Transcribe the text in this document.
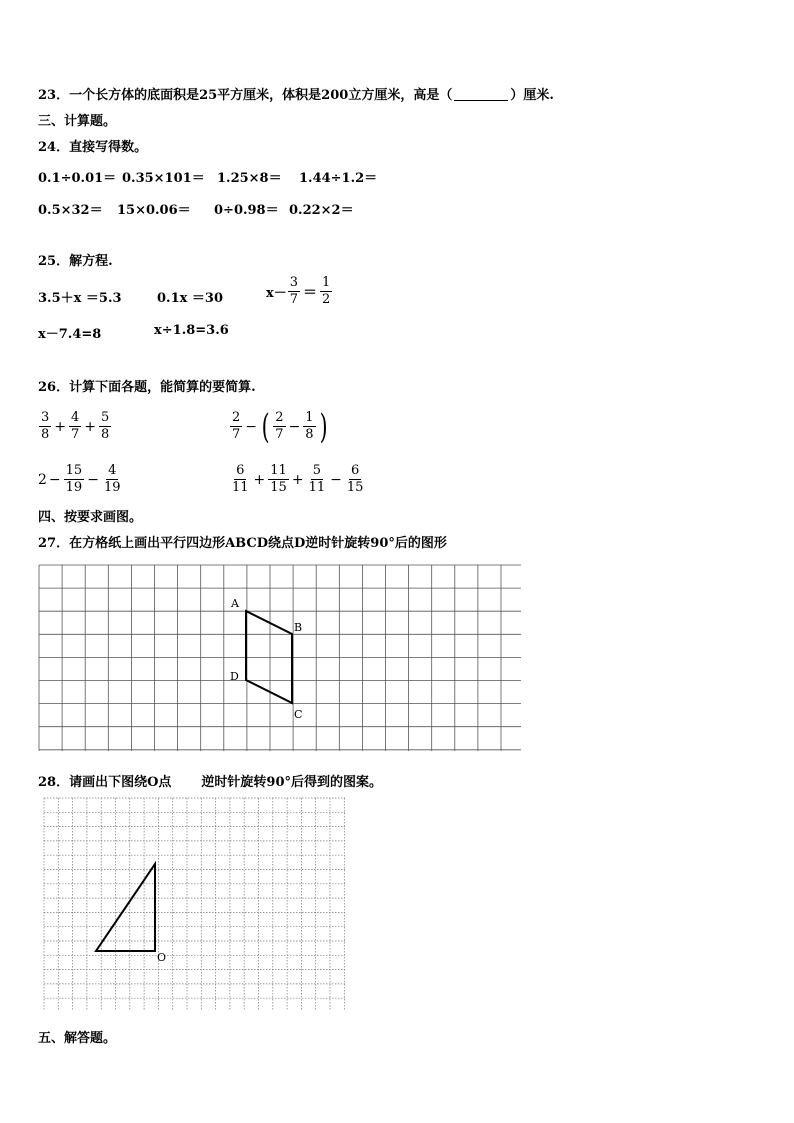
23．一个长方体的底面积是25平方厘米，体积是200立方厘米，高是（	）厘米.
三、计算题。
24．直接写得数。
0.1÷0.01＝ 0.35×101＝ 1.25×8＝ 1.44÷1.2＝
0.5×32＝ 15×0.06＝ 0÷0.98＝ 0.22×2＝
25．解方程.
3.5＋x ＝5.3	0.1x ＝30	$x- \frac{3}{7} = \frac{1}{2}$
x－7.4=8	x÷1.8=3.6
26．计算下面各题，能简算的要简算.
$\frac{3}{8} + \frac{4}{7} + \frac{5}{8}$	$\frac{2}{7}$ − ( $\frac{2}{7} - \frac{1}{8}$ )
$2 - \frac{15}{19} - \frac{4}{19}$	$\frac{6}{11} + \frac{11}{15} + \frac{5}{11} - \frac{6}{15}$
四、按要求画图。
27．在方格纸上画出平行四边形ABCD绕点D逆时针旋转90°后的图形
A
B
C
D
28．请画出下图绕O点 逆时针旋转90°后得到的图案。
O
五、解答题。
